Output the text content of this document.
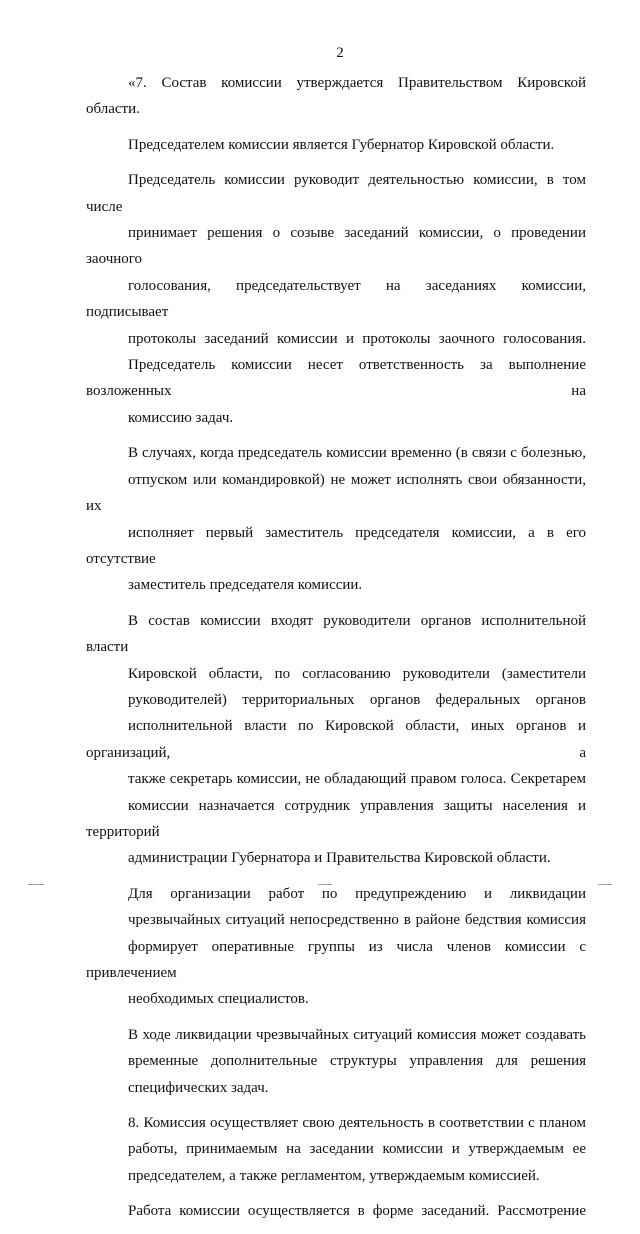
2

«7. Состав комиссии утверждается Правительством Кировской области.

Председателем комиссии является Губернатор Кировской области.

Председатель комиссии руководит деятельностью комиссии, в том числе
принимает решения о созыве заседаний комиссии, о проведении заочного
голосования, председательствует на заседаниях комиссии, подписывает
протоколы заседаний комиссии и протоколы заочного голосования.
Председатель комиссии несет ответственность за выполнение возложенных на
комиссию задач.

В случаях, когда председатель комиссии временно (в связи с болезнью,
отпуском или командировкой) не может исполнять свои обязанности, их
исполняет первый заместитель председателя комиссии, а в его отсутствие
заместитель председателя комиссии.

В состав комиссии входят руководители органов исполнительной власти
Кировской области, по согласованию руководители (заместители
руководителей) территориальных органов федеральных органов
исполнительной власти по Кировской области, иных органов и организаций, а
также секретарь комиссии, не обладающий правом голоса. Секретарем
комиссии назначается сотрудник управления защиты населения и территорий
администрации Губернатора и Правительства Кировской области.

Для организации работ по предупреждению и ликвидации
чрезвычайных ситуаций непосредственно в районе бедствия комиссия
формирует оперативные группы из числа членов комиссии с привлечением
необходимых специалистов.

В ходе ликвидации чрезвычайных ситуаций комиссия может создавать
временные дополнительные структуры управления для решения
специфических задач.

8. Комиссия осуществляет свою деятельность в соответствии с планом
работы, принимаемым на заседании комиссии и утверждаемым ее
председателем, а также регламентом, утверждаемым комиссией.

Работа комиссии осуществляется в форме заседаний. Рассмотрение
